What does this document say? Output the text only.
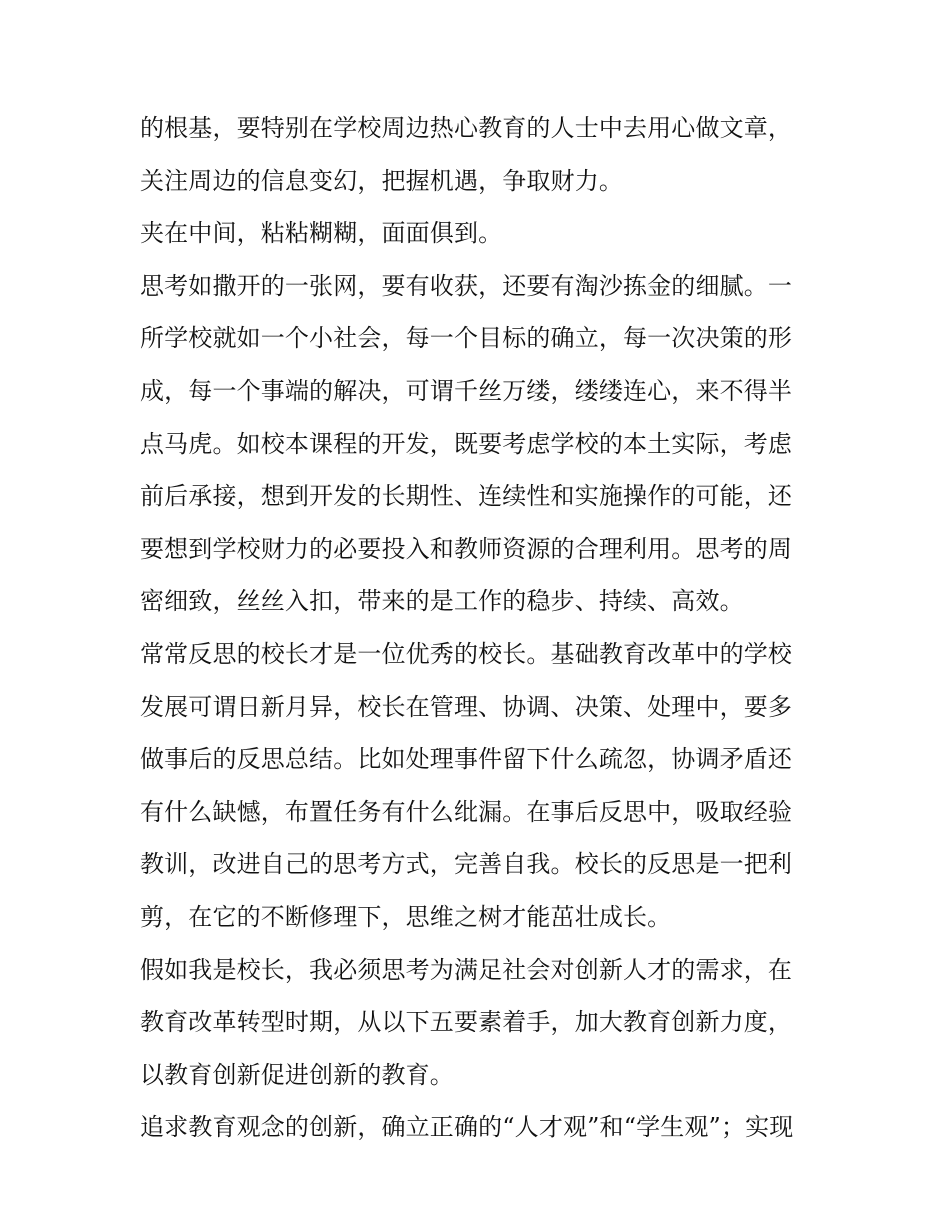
的根基，要特别在学校周边热心教育的人士中去用心做文章，
关注周边的信息变幻，把握机遇，争取财力。
夹在中间，粘粘糊糊，面面俱到。
思考如撒开的一张网，要有收获，还要有淘沙拣金的细腻。一
所学校就如一个小社会，每一个目标的确立，每一次决策的形
成，每一个事端的解决，可谓千丝万缕，缕缕连心，来不得半
点马虎。如校本课程的开发，既要考虑学校的本土实际，考虑
前后承接，想到开发的长期性、连续性和实施操作的可能，还
要想到学校财力的必要投入和教师资源的合理利用。思考的周
密细致，丝丝入扣，带来的是工作的稳步、持续、高效。
常常反思的校长才是一位优秀的校长。基础教育改革中的学校
发展可谓日新月异，校长在管理、协调、决策、处理中，要多
做事后的反思总结。比如处理事件留下什么疏忽，协调矛盾还
有什么缺憾，布置任务有什么纰漏。在事后反思中，吸取经验
教训，改进自己的思考方式，完善自我。校长的反思是一把利
剪，在它的不断修理下，思维之树才能茁壮成长。
假如我是校长，我必须思考为满足社会对创新人才的需求，在
教育改革转型时期，从以下五要素着手，加大教育创新力度，
以教育创新促进创新的教育。
追求教育观念的创新，确立正确的“人才观”和“学生观”；实现
